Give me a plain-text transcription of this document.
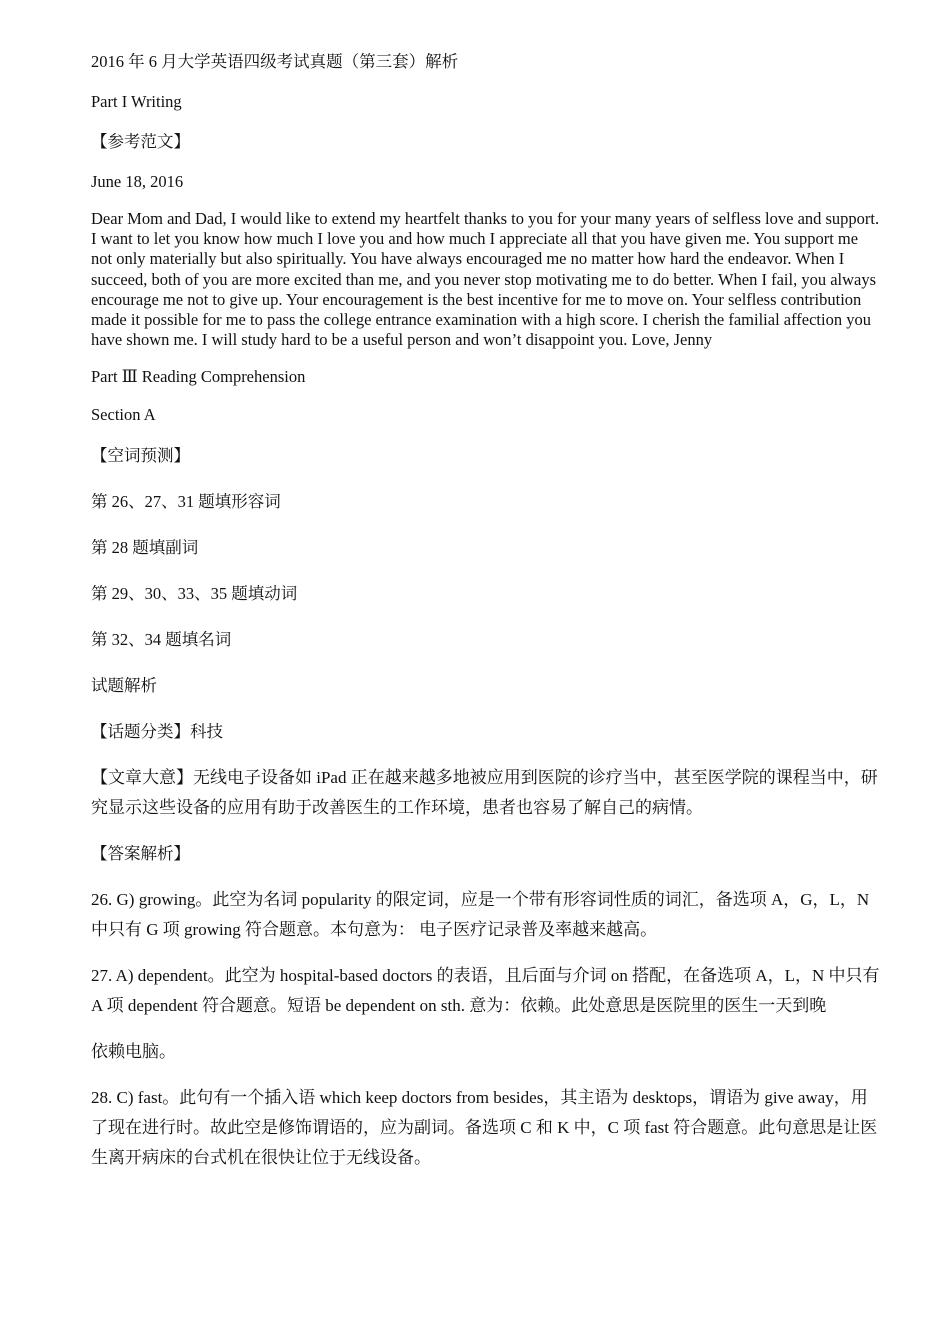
2016 年 6 月大学英语四级考试真题（第三套）解析

Part I Writing

【参考范文】

June 18, 2016

Dear Mom and Dad, I would like to extend my heartfelt thanks to you for your many years of selfless love and support. I want to let you know how much I love you and how much I appreciate all that you have given me. You support me not only materially but also spiritually. You have always encouraged me no matter how hard the endeavor. When I succeed, both of you are more excited than me, and you never stop motivating me to do better. When I fail, you always encourage me not to give up. Your encouragement is the best incentive for me to move on. Your selfless contribution made it possible for me to pass the college entrance examination with a high score. I cherish the familial affection you have shown me. I will study hard to be a useful person and won’t disappoint you. Love, Jenny

Part Ⅲ Reading Comprehension

Section A

【空词预测】

第 26、27、31 题填形容词

第 28 题填副词

第 29、30、33、35 题填动词

第 32、34 题填名词

试题解析

【话题分类】科技

【文章大意】无线电子设备如 iPad 正在越来越多地被应用到医院的诊疗当中，甚至医学院的课程当中，研究显示这些设备的应用有助于改善医生的工作环境，患者也容易了解自己的病情。

【答案解析】

26. G) growing。此空为名词 popularity 的限定词，应是一个带有形容词性质的词汇，备选项 A，G，L，N 中只有 G 项 growing 符合题意。本句意为： 电子医疗记录普及率越来越高。

27. A) dependent。此空为 hospital-based doctors 的表语，且后面与介词 on 搭配，在备选项 A，L，N 中只有 A 项 dependent 符合题意。短语 be dependent on sth. 意为：依赖。此处意思是医院里的医生一天到晚

依赖电脑。

28. C) fast。此句有一个插入语 which keep doctors from besides，其主语为 desktops，谓语为 give away，用了现在进行时。故此空是修饰谓语的，应为副词。备选项 C 和 K 中，C 项 fast 符合题意。此句意思是让医生离开病床的台式机在很快让位于无线设备。
